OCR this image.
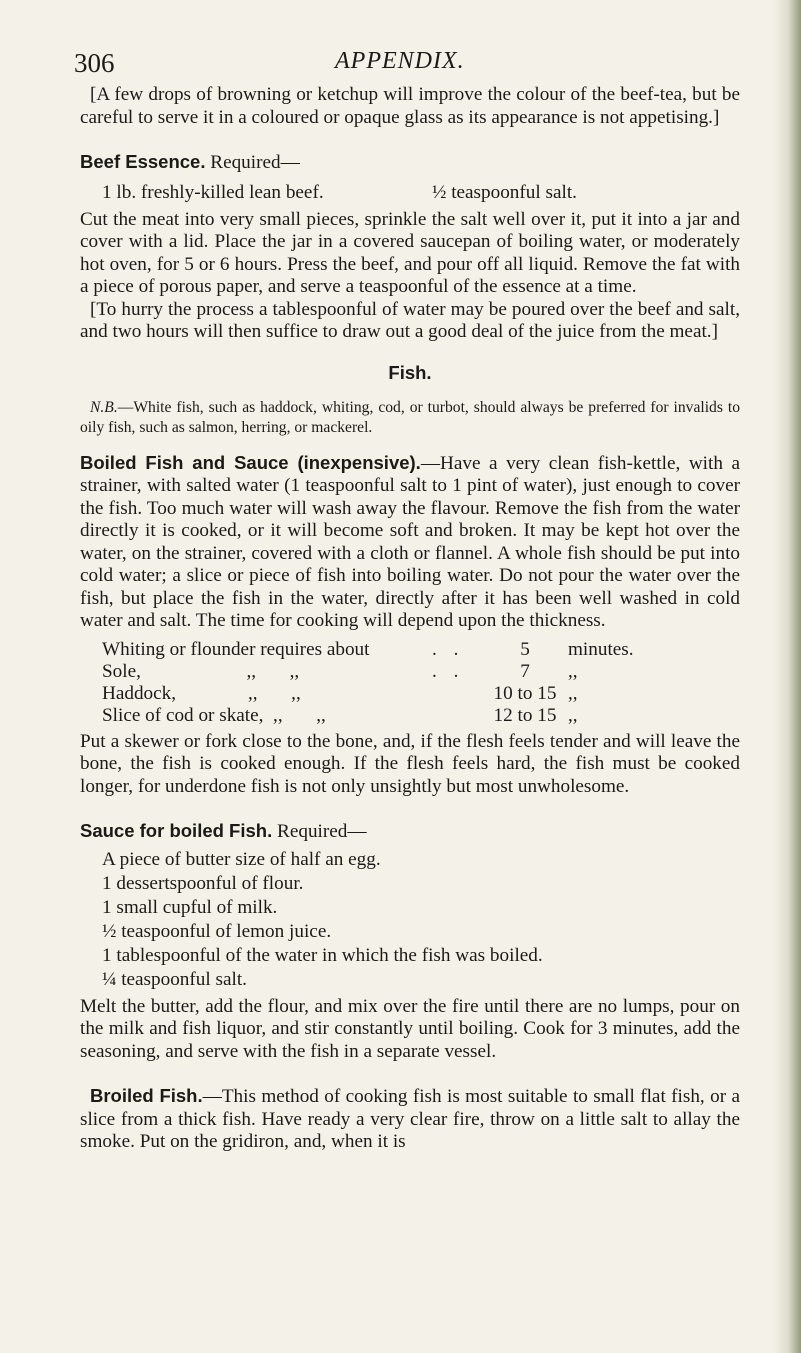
306	APPENDIX.

[A few drops of browning or ketchup will improve the colour of the beef-tea, but be careful to serve it in a coloured or opaque glass as its appearance is not appetising.]

Beef Essence. Required—

1 lb. freshly-killed lean beef.	½ teaspoonful salt.

Cut the meat into very small pieces, sprinkle the salt well over it, put it into a jar and cover with a lid. Place the jar in a covered saucepan of boiling water, or moderately hot oven, for 5 or 6 hours. Press the beef, and pour off all liquid. Remove the fat with a piece of porous paper, and serve a teaspoonful of the essence at a time.

[To hurry the process a tablespoonful of water may be poured over the beef and salt, and two hours will then suffice to draw out a good deal of the juice from the meat.]

Fish.

N.B.—White fish, such as haddock, whiting, cod, or turbot, should always be preferred for invalids to oily fish, such as salmon, herring, or mackerel.

Boiled Fish and Sauce (inexpensive).—Have a very clean fish-kettle, with a strainer, with salted water (1 teaspoonful salt to 1 pint of water), just enough to cover the fish. Too much water will wash away the flavour. Remove the fish from the water directly it is cooked, or it will become soft and broken. It may be kept hot over the water, on the strainer, covered with a cloth or flannel. A whole fish should be put into cold water; a slice or piece of fish into boiling water. Do not pour the water over the fish, but place the fish in the water, directly after it has been well washed in cold water and salt. The time for cooking will depend upon the thickness.

Whiting or flounder requires about	. .	5	minutes.
Sole,                      ,,       ,,	. .	7	,,
Haddock,               ,,       ,,		10 to 15	,,
Slice of cod or skate,  ,,       ,,		12 to 15	,,

Put a skewer or fork close to the bone, and, if the flesh feels tender and will leave the bone, the fish is cooked enough. If the flesh feels hard, the fish must be cooked longer, for underdone fish is not only unsightly but most unwholesome.

Sauce for boiled Fish. Required—

A piece of butter size of half an egg.
1 dessertspoonful of flour.
1 small cupful of milk.
½ teaspoonful of lemon juice.
1 tablespoonful of the water in which the fish was boiled.
¼ teaspoonful salt.

Melt the butter, add the flour, and mix over the fire until there are no lumps, pour on the milk and fish liquor, and stir constantly until boiling. Cook for 3 minutes, add the seasoning, and serve with the fish in a separate vessel.

Broiled Fish.—This method of cooking fish is most suitable to small flat fish, or a slice from a thick fish. Have ready a very clear fire, throw on a little salt to allay the smoke. Put on the gridiron, and, when it is
